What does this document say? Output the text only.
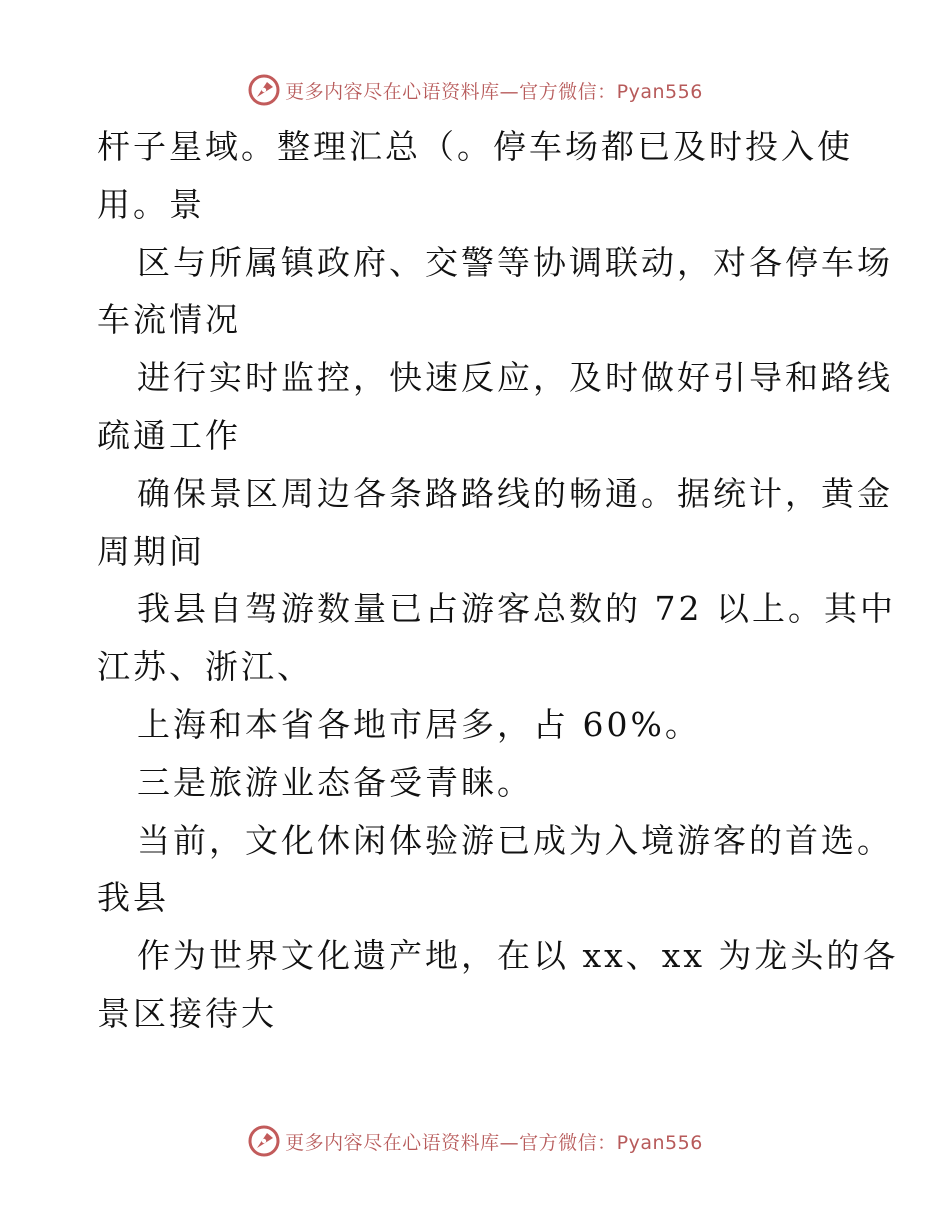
更多内容尽在心语资料库—官方微信：Pyan556
杆子星域。整理汇总（。停车场都已及时投入使
用。景
区与所属镇政府、交警等协调联动，对各停车场
车流情况
进行实时监控，快速反应，及时做好引导和路线
疏通工作
确保景区周边各条路路线的畅通。据统计，黄金
周期间
我县自驾游数量已占游客总数的 72 以上。其中
江苏、浙江、
上海和本省各地市居多，占 60%。
三是旅游业态备受青睐。
当前，文化休闲体验游已成为入境游客的首选。
我县
作为世界文化遗产地，在以 xx、xx 为龙头的各
景区接待大
更多内容尽在心语资料库—官方微信：Pyan556
